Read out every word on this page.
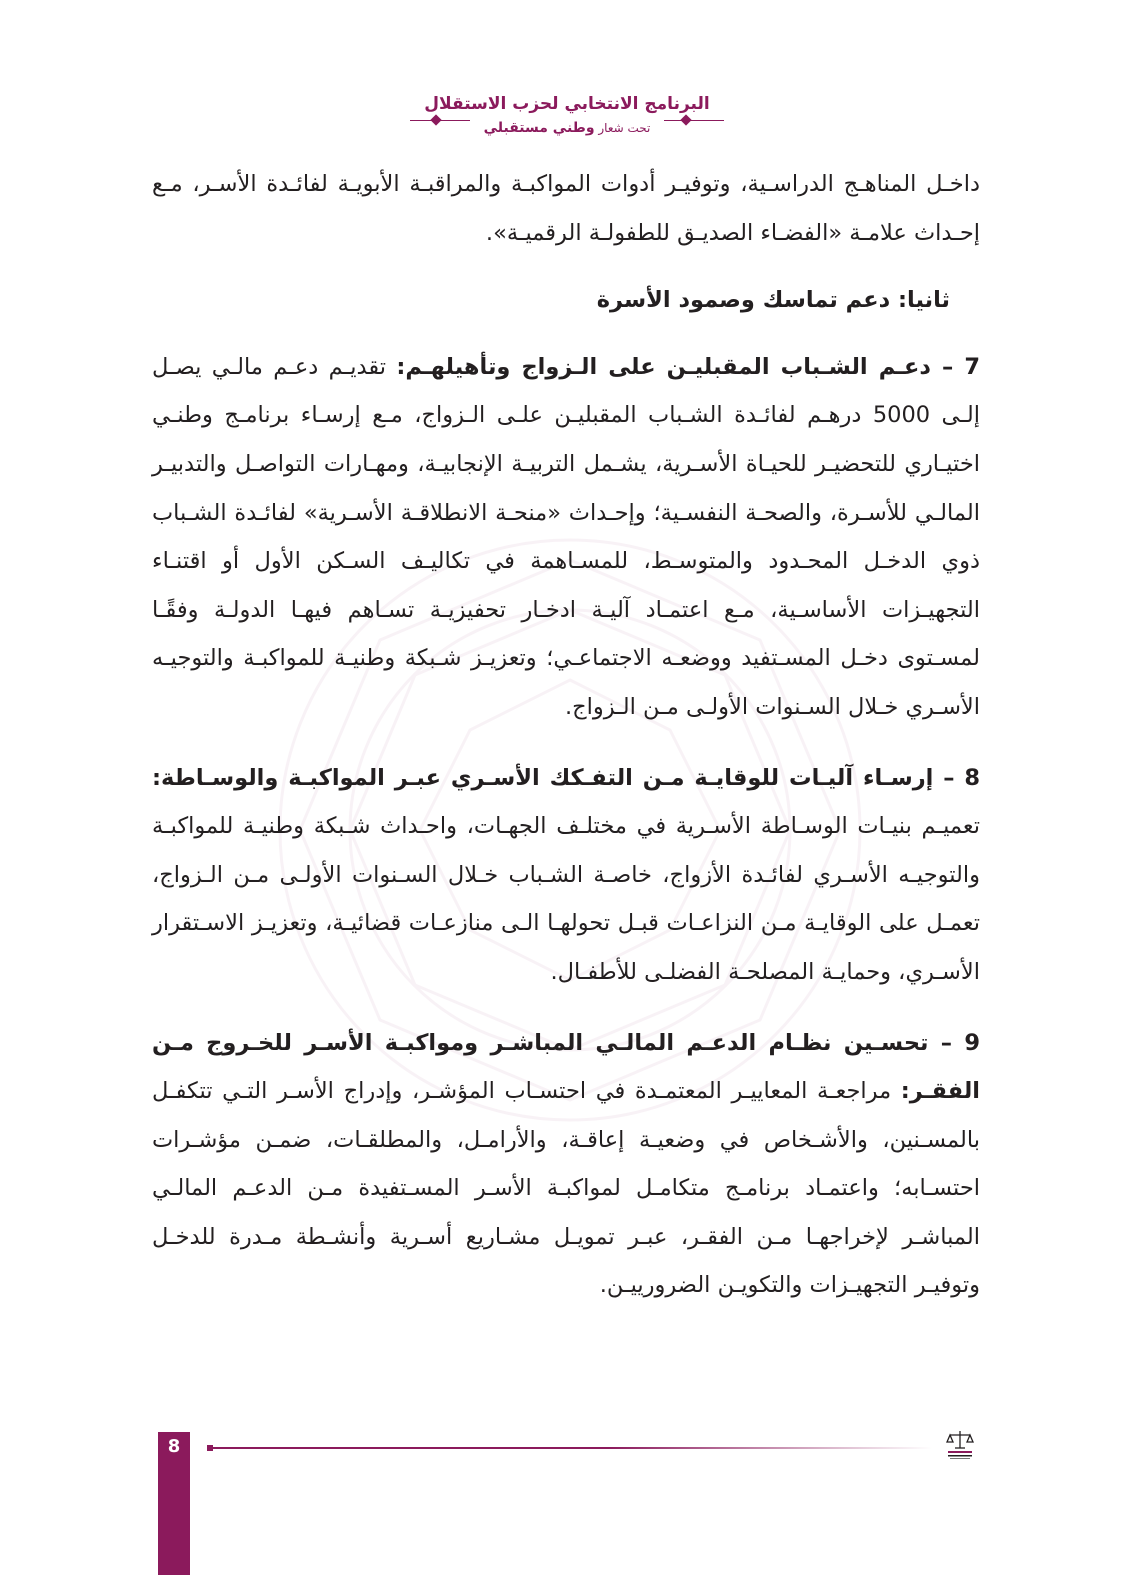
البرنامج الانتخابي لحزب الاستقلال
تحت شعار وطني مستقبلي

داخـل المناهـج الدراسـية، وتوفيـر أدوات المواكبـة والمراقبـة الأبويـة لفائـدة الأسـر، مـع إحـداث علامـة «الفضـاء الصديـق للطفولـة الرقميـة».

ثانيا: دعم تماسك وصمود الأسرة

7 – دعـم الشـباب المقبليـن على الـزواج وتأهيلهـم: تقديـم دعـم مالـي يصـل إلـى 5000 درهـم لفائـدة الشـباب المقبليـن علـى الـزواج، مـع إرسـاء برنامـج وطنـي اختيـاري للتحضيـر للحيـاة الأسـرية، يشـمل التربيـة الإنجابيـة، ومهـارات التواصـل والتدبيـر المالـي للأسـرة، والصحـة النفسـية؛ وإحـداث «منحـة الانطلاقـة الأسـرية» لفائـدة الشـباب ذوي الدخـل المحـدود والمتوسـط، للمسـاهمة في تكاليـف السـكن الأول أو اقتنـاء التجهيـزات الأساسـية، مـع اعتمـاد آليـة ادخـار تحفيزيـة تسـاهم فيهـا الدولـة وفقًـا لمسـتوى دخـل المسـتفيد ووضعـه الاجتماعـي؛ وتعزيـز شـبكة وطنيـة للمواكبـة والتوجيـه الأسـري خـلال السـنوات الأولـى مـن الـزواج.

8 – إرسـاء آليـات للوقايـة مـن التفـكك الأسـري عبـر المواكبـة والوسـاطة: تعميـم بنيـات الوسـاطة الأسـرية في مختلـف الجهـات، واحـداث شـبكة وطنيـة للمواكبـة والتوجيـه الأسـري لفائـدة الأزواج، خاصـة الشـباب خـلال السـنوات الأولـى مـن الـزواج، تعمـل على الوقايـة مـن النزاعـات قبـل تحولهـا الـى منازعـات قضائيـة، وتعزيـز الاسـتقرار الأسـري، وحمايـة المصلحـة الفضلـى للأطفـال.

9 – تحسـين نظـام الدعـم المالـي المباشـر ومواكبـة الأسـر للخـروج مـن الفقـر: مراجعـة المعاييـر المعتمـدة في احتسـاب المؤشـر، وإدراج الأسـر التـي تتكفـل بالمسـنين، والأشـخاص في وضعيـة إعاقـة، والأرامـل، والمطلقـات، ضمـن مؤشـرات احتسـابه؛ واعتمـاد برنامـج متكامـل لمواكبـة الأسـر المسـتفيدة مـن الدعـم المالـي المباشـر لإخراجهـا مـن الفقـر، عبـر تمويـل مشـاريع أسـرية وأنشـطة مـدرة للدخـل وتوفيـر التجهيـزات والتكويـن الضرورييـن.

8
